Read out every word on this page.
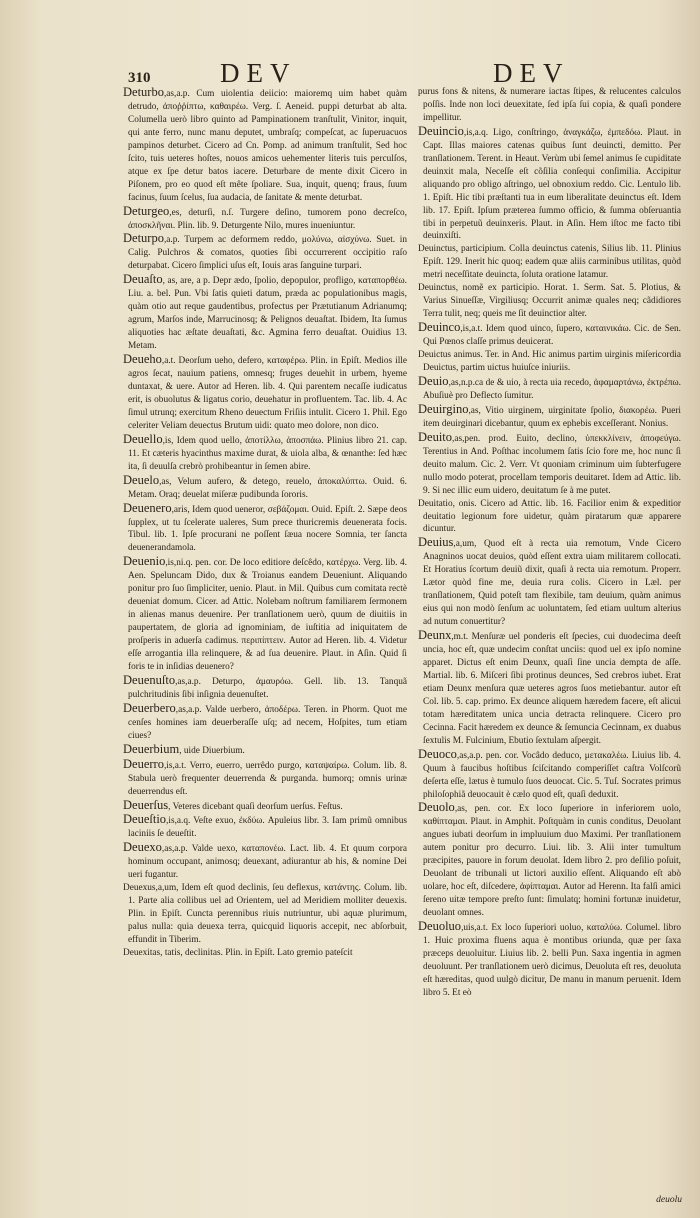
310	DEV	DEV

Deturbo,as,a.p. Cum uiolentia deiicio: maioremq uim habet quàm detrudo, ἀποῤῥίπτω, καθαιρέω. Verg. ſ. Aeneid. puppi deturbat ab alta. Columella uerò libro quinto ad Pampinationem tranſtulit, Vinitor, inquit, qui ante ferro, nunc manu deputet, umbraſq; compeſcat, ac ſuperuacuos pampinos deturbet. Cicero ad Cn. Pomp. ad animum tranſtulit, Sed hoc ſcito, tuis ueteres hoſtes, nouos amicos uehementer literis tuis perculſos, atque ex ſpe detur batos iacere. Deturbare de mente dixit Cicero in Piſonem, pro eo quod eſt mête ſpoliare. Sua, inquit, quenq; fraus, ſuum facinus, ſuum ſcelus, ſua audacia, de ſanitate & mente deturbat.

Deturgeo,es, deturſi, n.ſ. Turgere deſino, tumorem pono decreſco, ἀποσκλῆναι. Plin. lib. 9. Deturgente Nilo, mures inueniuntur.

Deturpo,a.p. Turpem ac deformem reddo, μολύνω, αἰσχύνω. Suet. in Calig. Pulchros & comatos, quoties ſibi occurrerent occipitio raſo deturpabat. Cicero ſimplici uſus eſt, Iouis aras ſanguine turpari.

Deuaſto, as, are, a p. Depr ædo, ſpolio, depopulor, profligo, καταπορθέω. Liu. a. bel. Pun. Vbi ſatis quieti datum, præda ac populationibus magis, quàm otio aut reque gaudentibus, profectus per Prætutianum Adrianumq; agrum, Marſos inde, Marrucinosq; & Pelignos deuaſtat. Ibidem, Ita ſumus aliquoties hac æſtate deuaſtati, &c. Agmina ferro deuaſtat. Ouidius 13. Metam.

Deueho,a.t. Deorſum ueho, defero, καταφέρω. Plin. in Epiſt. Medios ille agros ſecat, nauium patiens, omnesq; fruges deuehit in urbem, hyeme duntaxat, & uere. Autor ad Heren. lib. 4. Qui parentem necaſſe iudicatus erit, is obuolutus & ligatus corio, deuehatur in profluentem. Tac. lib. 4. Ac ſimul utrunq; exercitum Rheno deuectum Friſiis intulit. Cicero 1. Phil. Ego celeriter Veliam deuectus Brutum uidi: quato meo dolore, non dico.

Deuello,is, Idem quod uello, ἀποτίλλω, ἀποσπάω. Plinius libro 21. cap. 11. Et cæteris hyacinthus maxime durat, & uiola alba, & œnanthe: ſed hæc ita, ſi deuulſa crebrò prohibeantur in ſemen abire.

Deuelo,as, Velum aufero, & detego, reuelo, ἀποκαλύπτω. Ouid. 6. Metam. Oraq; deuelat miſeræ pudibunda ſororis.

Deuenero,aris, Idem quod ueneror, σεβάζομαι. Ouid. Epiſt. 2. Sæpe deos ſupplex, ut tu ſcelerate ualeres, Sum prece thuricremis deuenerata focis. Tibul. lib. 1. Ipſe procurani ne poſſent ſæua nocere Somnia, ter ſancta deuenerandamola.

Deuenio,is,ni.q. pen. cor. De loco editiore deſcêdo, κατέρχω. Verg. lib. 4. Aen. Speluncam Dido, dux & Troianus eandem Deueniunt. Aliquando ponitur pro ſuo ſimpliciter, uenio. Plaut. in Mil. Quibus cum comitata rectè deueniat domum. Cicer. ad Attic. Nolebam noſtrum familiarem ſermonem in alienas manus deuenire. Per tranſlationem uerò, quum de diuitiis in paupertatem, de gloria ad ignominiam, de iuſtitia ad iniquitatem de proſperis in aduerſa cadimus. περιπίπτειν. Autor ad Heren. lib. 4. Videtur eſſe arrogantia illa relinquere, & ad ſua deuenire. Plaut. in Aſin. Quid ſi foris te in inſidias deuenero?

Deuenuſto,as,a.p. Deturpo, ἀμαυρόω. Gell. lib. 13. Tanquã pulchritudinis ſibi inſignia deuenuſtet.

Deuerbero,as,a.p. Valde uerbero, ἀποδέρω. Teren. in Phorm. Quot me cenſes homines iam deuerberaſſe uſq; ad necem, Hoſpites, tum etiam ciues?

Deuerbium, uide Diuerbium.

Deuerro,is,a.t. Verro, euerro, uerrêdo purgo, καταψαίρω. Colum. lib. 8. Stabula uerò frequenter deuerrenda & purganda. humorq; omnis urinæ deuerrendus eſt.

Deuerſus, Veteres dicebant quaſi deorſum uerſus. Feſtus.

Deueſtio,is,a.q. Veſte exuo, ἐκδύω. Apuleius libr. 3. Iam primũ omnibus laciniis ſe deueſtit.

Deuexo,as,a.p. Valde uexo, καταπονέω. Lact. lib. 4. Et quum corpora hominum occupant, animosq; deuexant, adiurantur ab his, & nomine Dei ueri fugantur.

Deuexus,a,um, Idem eſt quod declinis, ſeu deflexus, κατάντης. Colum. lib. 1. Parte alia collibus uel ad Orientem, uel ad Meridiem molliter deuexis. Plin. in Epiſt. Cuncta perennibus riuis nutriuntur, ubi aquæ plurimum, palus nulla: quia deuexa terra, quicquid liquoris accepit, nec abſorbuit, effundit in Tiberim.

Deuexitas, tatis, declinitas. Plin. in Epiſt. Lato gremio pateſcit

purus fons & nitens, & numerare iactas ſtipes, & relucentes calculos poſſis. Inde non loci deuexitate, ſed ipſa ſui copia, & quaſi pondere impellitur.

Deuincio,is,a.q. Ligo, conſtringo, ἀναγκάζω, ἐμπεδόω. Plaut. in Capt. Illas maiores catenas quibus ſunt deuincti, demitto. Per tranſlationem. Terent. in Heaut. Verùm ubi ſemel animus ſe cupiditate deuinxit mala, Neceſſe eſt cõſilia conſequi conſimilia. Accipitur aliquando pro obligo aſtringo, uel obnoxium reddo. Cic. Lentulo lib. 1. Epiſt. Hic tibi præſtanti tua in eum liberalitate deuinctus eſt. Idem lib. 17. Epiſt. Ipſum præterea ſummo officio, & ſumma obſeruantia tibi in perpetuũ deuinxeris. Plaut. in Aſin. Hem iſtoc me facto tibi deuinxiſti.

Deuinctus, participium. Colla deuinctus catenis, Silius lib. 11. Plinius Epiſt. 129. Inerit hic quoq; eadem quæ aliis carminibus utilitas, quòd metri neceſſitate deuincta, ſoluta oratione latamur.

Deuinctus, nomẽ ex participio. Horat. 1. Serm. Sat. 5. Plotius, & Varius Sinueſſæ, Virgiliusq; Occurrit animæ quales neq; cãdidiores Terra tulit, neq; queis me ſit deuinctior alter.

Deuinco,is,a.t. Idem quod uinco, ſupero, καταινικάω. Cic. de Sen. Qui Pœnos claſſe primus deuicerat.

Deuictus animus. Ter. in And. Hic animus partim uirginis miſericordia Deuictus, partim uictus huiuſce iniuriis.

Deuio,as,n.p.ca de & uio, à recta uia recedo, ἀφαμαρτάνω, ἐκτρέπω. Abuſiuè pro Deflecto ſumitur.

Deuirgino,as, Vitio uirginem, uirginitate ſpolio, διακορέω. Pueri item deuirginari dicebantur, quum ex ephebis exceſſerant. Nonius.

Deuito,as,pen. prod. Euito, declino, ὑπεκκλίνειν, ἀποφεύγω. Terentius in And. Poſthac incolumem ſatis ſcio fore me, hoc nunc ſi deuito malum. Cic. 2. Verr. Vt quoniam criminum uim ſubterfugere nullo modo poterat, procellam temporis deuitaret. Idem ad Attic. lib. 9. Si nec illic eum uidero, deuitatum ſe à me putet.

Deuitatio, onis. Cicero ad Attic. lib. 16. Facilior enim & expeditior deuitatio legionum fore uidetur, quàm piratarum quæ apparere dicuntur.

Deuius,a,um, Quod eſt à recta uia remotum, Vnde Cicero Anagninos uocat deuios, quòd eſſent extra uiam militarem collocati. Et Horatius ſcortum deuiũ dixit, quaſi à recta uia remotum. Properr. Lætor quòd fine me, deuia rura colis. Cicero in Læl. per tranſlationem, Quid poteſt tam flexibile, tam deuium, quàm animus eius qui non modò ſenſum ac uoluntatem, ſed etiam uultum alterius ad nutum conuertitur?

Deunx,m.t. Menſuræ uel ponderis eſt ſpecies, cui duodecima deeſt uncia, hoc eſt, quæ undecim conſtat unciis: quod uel ex ipſo nomine apparet. Dictus eſt enim Deunx, quaſi ſine uncia dempta de aſſe. Martial. lib. 6. Miſceri ſibi protinus deunces, Sed crebros iubet. Erat etiam Deunx menſura quæ ueteres agros ſuos metiebantur. autor eſt Col. lib. 5. cap. primo. Ex deunce aliquem hæredem facere, eſt alicui totam hæreditatem unica uncia detracta relinquere. Cicero pro Cecinna. Facit hæredem ex deunce & ſemuncia Cecinnam, ex duabus ſextulis M. Fulcinium, Ebutio ſextulam aſpergit.

Deuoco,as,a.p. pen. cor. Vocâdo deduco, μετακαλέω. Liuius lib. 4. Quum à faucibus hoſtibus ſciſcitando comperiſſet caſtra Volſcorũ deſerta eſſe, lætus è tumulo ſuos deuocat. Cic. 5. Tuſ. Socrates primus philoſophiã deuocauit è cælo quod eſt, quaſi deduxit.

Deuolo,as, pen. cor. Ex loco ſuperiore in inferiorem uolo, καθίπταμαι. Plaut. in Amphit. Poſtquàm in cunis conditus, Deuolant angues iubati deorſum in impluuium duo Maximi. Per tranſlationem autem ponitur pro decurro. Liui. lib. 3. Alii inter tumultum præcipites, pauore in forum deuolat. Idem libro 2. pro deſilio poſuit, Deuolant de tribunali ut lictori auxilio eſſent. Aliquando eſt abò uolare, hoc eſt, diſcedere, ἀφίπταμαι. Autor ad Herenn. Ita falſi amici ſereno uitæ tempore preſto ſunt: ſimulatq; homini fortunæ inuidetur, deuolant omnes.

Deuoluo,uis,a.t. Ex loco ſuperiori uoluo, καταλύω. Columel. libro 1. Huic proxima fluens aqua è montibus oriunda, quæ per ſaxa præceps deuoluitur. Liuius lib. 2. belli Pun. Saxa ingentia in agmen deuoluunt. Per tranſlationem uerò dicimus, Deuoluta eſt res, deuoluta eſt hæreditas, quod uulgò dicitur, De manu in manum peruenit. Idem libro 5. Et eò

deuolu
